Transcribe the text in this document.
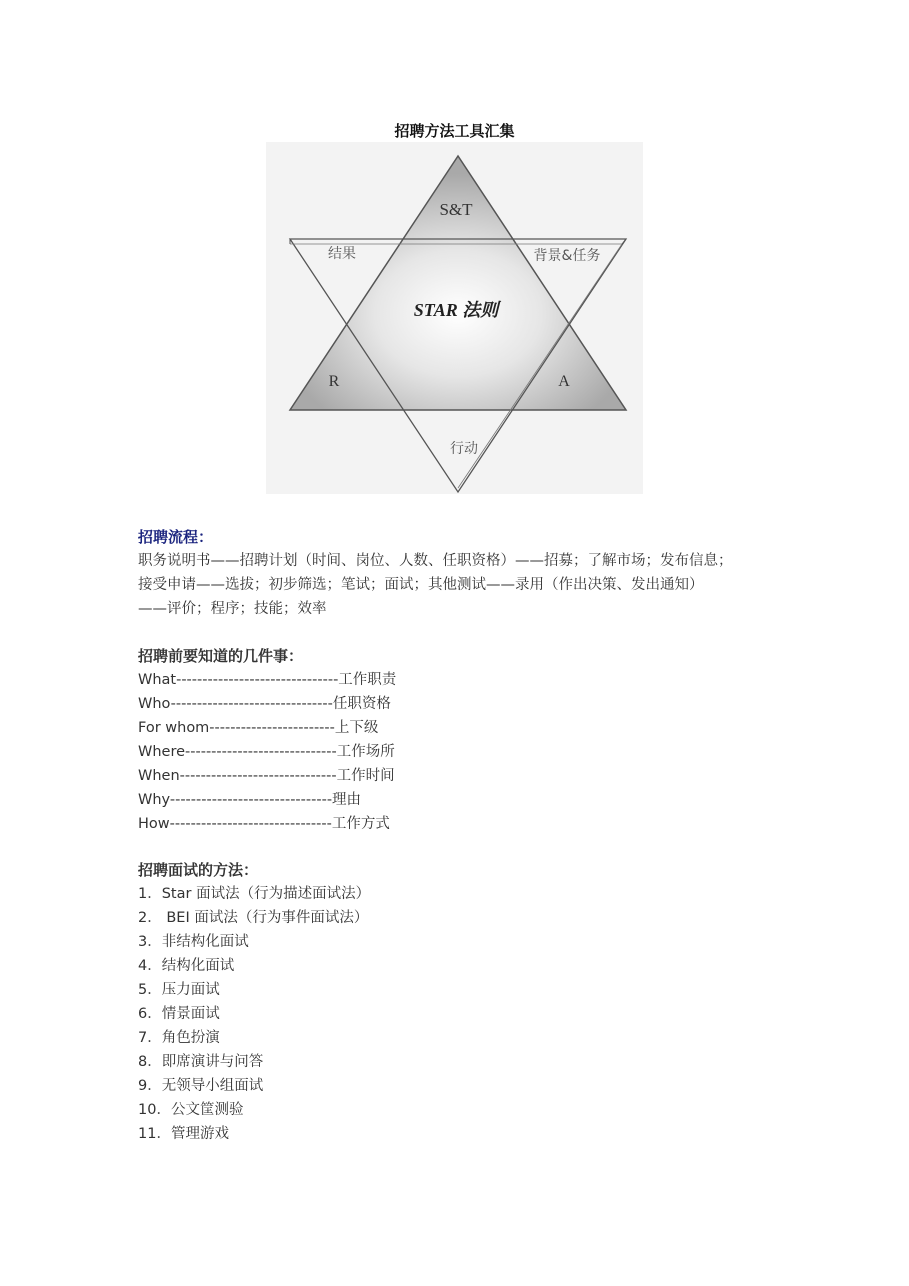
招聘方法工具汇集
S&T
结果	背景&任务
STAR 法则
R	A
行动
招聘流程：

职务说明书——招聘计划（时间、岗位、人数、任职资格）——招募；了解市场；发布信息；

接受申请——选拔；初步筛选；笔试；面试；其他测试——录用（作出决策、发出通知）

——评价；程序；技能；效率

招聘前要知道的几件事：
What-------------------------------工作职责
Who-------------------------------任职资格
For whom------------------------上下级
Where-----------------------------工作场所
When------------------------------工作时间
Why-------------------------------理由
How-------------------------------工作方式
招聘面试的方法：
1．Star 面试法（行为描述面试法）
2． BEI 面试法（行为事件面试法）
3．非结构化面试
4．结构化面试
5．压力面试
6．情景面试
7．角色扮演
8．即席演讲与问答
9．无领导小组面试
10．公文筐测验
11．管理游戏
